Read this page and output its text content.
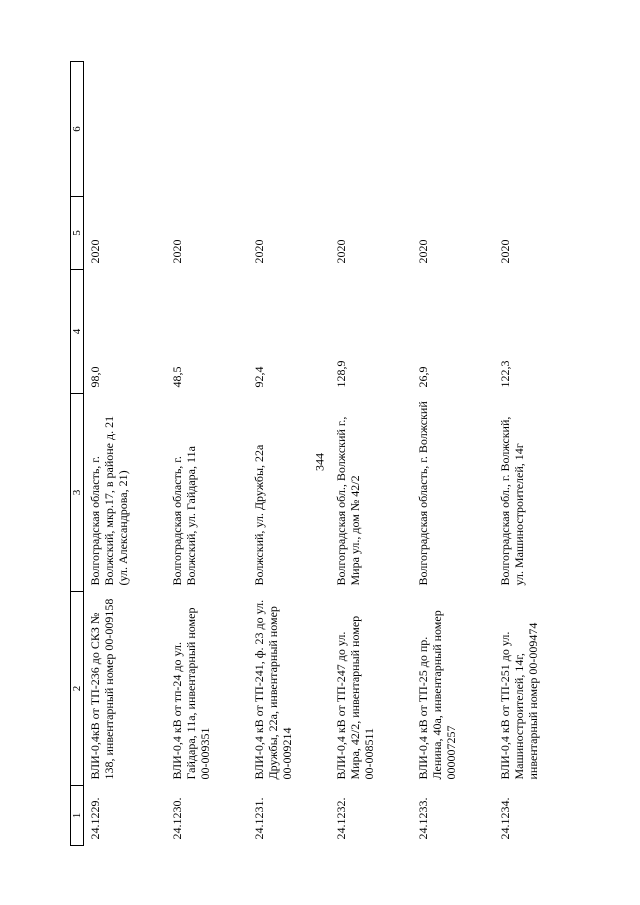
344
1	2	3	4	5	6
24.1229.	ВЛИ-0,4кВ от ТП-236 до СКЗ № 138, инвентарный номер 00-009158	Волгоградская область, г. Волжский, мкр.17, в районе д. 21 (ул. Александрова, 21)	98,0	2020	
24.1230.	ВЛИ-0,4 кВ от тп-24 до ул. Гайдара, 11а, инвентарный номер 00-009351	Волгоградская область, г. Волжский, ул. Гайдара, 11а	48,5	2020	
24.1231.	ВЛИ-0,4 кВ от ТП-241, ф. 23 до ул. Дружбы, 22а, инвентарный номер 00-009214	Волжский, ул. Дружбы, 22а	92,4	2020	
24.1232.	ВЛИ-0,4 кВ от ТП-247 до ул. Мира, 42/2, инвентарный номер 00-008511	Волгоградская обл., Волжский г., Мира ул., дом № 42/2	128,9	2020	
24.1233.	ВЛИ-0,4 кВ от ТП-25 до пр. Ленина, 40а, инвентарный номер 000007257	Волгоградская область, г. Волжский	26,9	2020	
24.1234.	ВЛИ-0,4 кВ от ТП-251 до ул. Машиностроителей, 14г, инвентарный номер 00-009474	Волгоградская обл., г. Волжский, ул. Машиностроителей, 14г	122,3	2020	
